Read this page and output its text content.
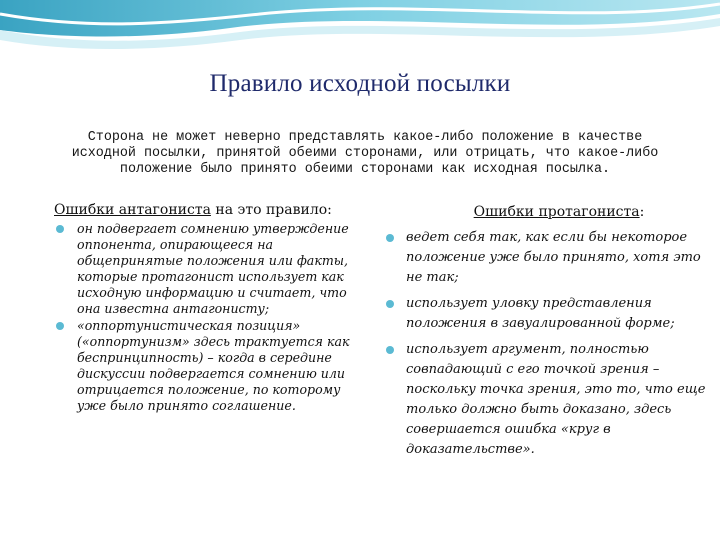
Правило исходной посылки
Сторона не может неверно представлять какое-либо положение в качестве исходной посылки, принятой обеими сторонами, или отрицать, что какое-либо положение было принято обеими сторонами как исходная посылка.
Ошибки антагониста на это правило:
он подвергает сомнению утверждение оппонента, опирающееся на общепринятые положения или факты, которые протагонист использует как исходную информацию и считает, что она известна антагонисту;
«оппортунистическая позиция» («оппортунизм» здесь трактуется как беспринципность) – когда в середине дискуссии подвергается сомнению или отрицается положение, по которому уже было принято соглашение.
Ошибки протагониста:
ведет себя так, как если бы некоторое положение уже было принято, хотя это не так;
использует уловку представления положения в завуалированной форме;
использует аргумент, полностью совпадающий с его точкой зрения – поскольку точка зрения, это то, что еще только должно быть доказано, здесь совершается ошибка «круг в доказательстве».
